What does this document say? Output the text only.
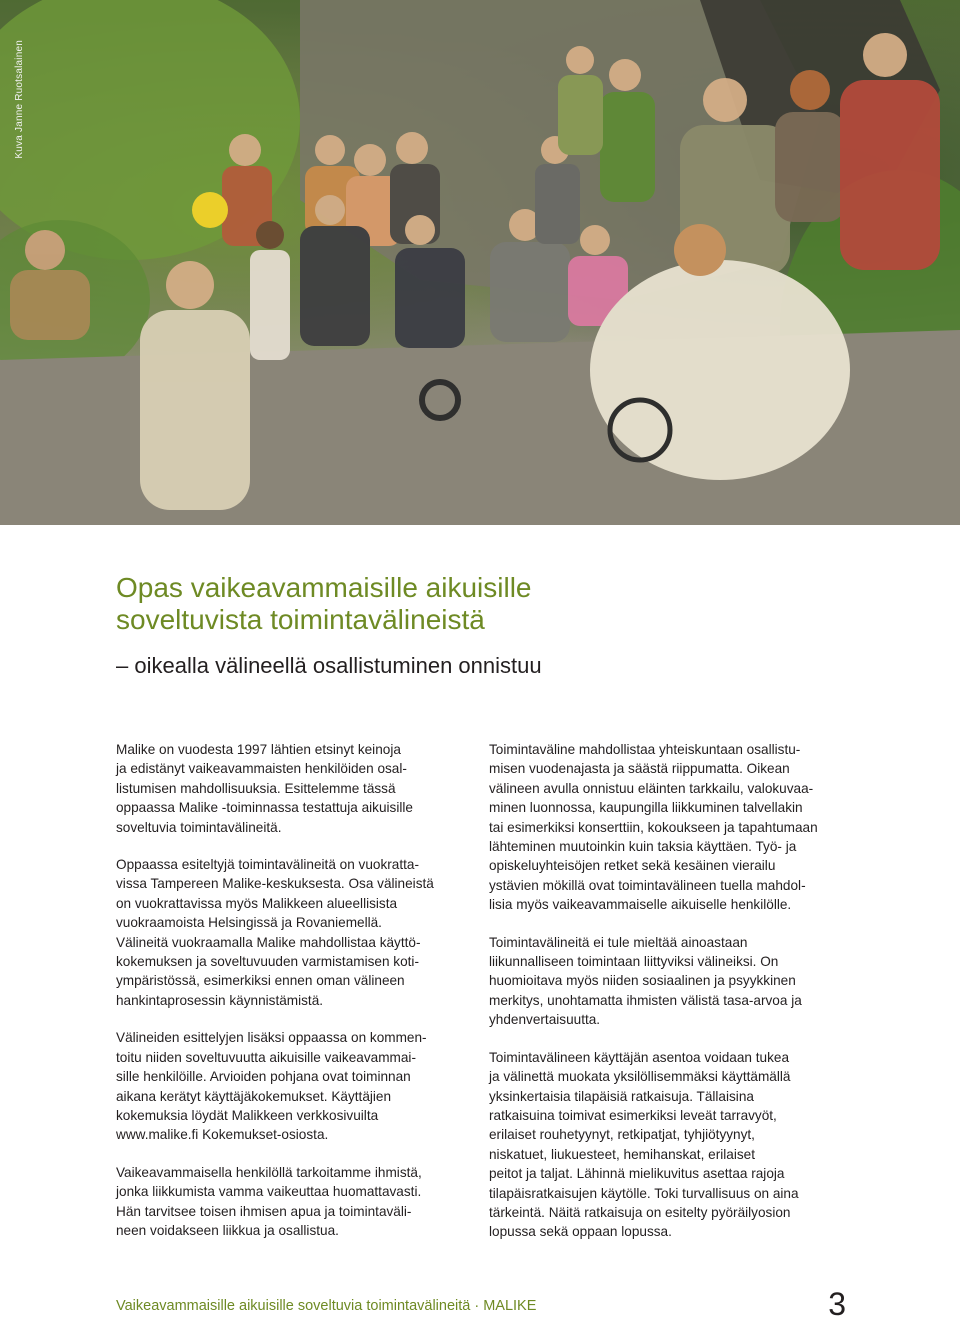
Kuva Janne Ruotsalainen
Opas vaikeavammaisille aikuisille
soveltuvista toimintavälineistä
– oikealla välineellä osallistuminen onnistuu

Malike on vuodesta 1997 lähtien etsinyt keinoja
ja edistänyt vaikeavammaisten henkilöiden osal-
listumisen mahdollisuuksia. Esittelemme tässä
oppaassa Malike -toiminnassa testattuja aikuisille
soveltuvia toimintavälineitä.

Oppaassa esiteltyjä toimintavälineitä on vuokratta-
vissa Tampereen Malike-keskuksesta. Osa välineistä
on vuokrattavissa myös Malikkeen alueellisista
vuokraamoista Helsingissä ja Rovaniemellä.
Välineitä vuokraamalla Malike mahdollistaa käyttö-
kokemuksen ja soveltuvuuden varmistamisen koti-
ympäristössä, esimerkiksi ennen oman välineen
hankintaprosessin käynnistämistä.

Välineiden esittelyjen lisäksi oppaassa on kommen-
toitu niiden soveltuvuutta aikuisille vaikeavammai-
sille henkilöille. Arvioiden pohjana ovat toiminnan
aikana kerätyt käyttäjäkokemukset. Käyttäjien
kokemuksia löydät Malikkeen verkkosivuilta
www.malike.fi Kokemukset-osiosta.

Vaikeavammaisella henkilöllä tarkoitamme ihmistä,
jonka liikkumista vamma vaikeuttaa huomattavasti.
Hän tarvitsee toisen ihmisen apua ja toimintaväli-
neen voidakseen liikkua ja osallistua.

Toimintaväline mahdollistaa yhteiskuntaan osallistu-
misen vuodenajasta ja säästä riippumatta. Oikean
välineen avulla onnistuu eläinten tarkkailu, valokuvaa-
minen luonnossa, kaupungilla liikkuminen talvellakin
tai esimerkiksi konserttiin, kokoukseen ja tapahtumaan
lähteminen muutoinkin kuin taksia käyttäen. Työ- ja
opiskeluyhteisöjen retket sekä kesäinen vierailu
ystävien mökillä ovat toimintavälineen tuella mahdol-
lisia myös vaikeavammaiselle aikuiselle henkilölle.

Toimintavälineitä ei tule mieltää ainoastaan
liikunnalliseen toimintaan liittyviksi välineiksi. On
huomioitava myös niiden sosiaalinen ja psyykkinen
merkitys, unohtamatta ihmisten välistä tasa-arvoa ja
yhdenvertaisuutta.

Toimintavälineen käyttäjän asentoa voidaan tukea
ja välinettä muokata yksilöllisemmäksi käyttämällä
yksinkertaisia tilapäisiä ratkaisuja. Tällaisina
ratkaisuina toimivat esimerkiksi leveät tarravyöt,
erilaiset rouhetyynyt, retkipatjat, tyhjiötyynyt,
niskatuet, liukuesteet, hemihanskat, erilaiset
peitot ja taljat. Lähinnä mielikuvitus asettaa rajoja
tilapäisratkaisujen käytölle. Toki turvallisuus on aina
tärkeintä. Näitä ratkaisuja on esitelty pyöräilyosion
lopussa sekä oppaan lopussa.

Vaikeavammaisille aikuisille soveltuvia toimintavälineitä · MALIKE	3
